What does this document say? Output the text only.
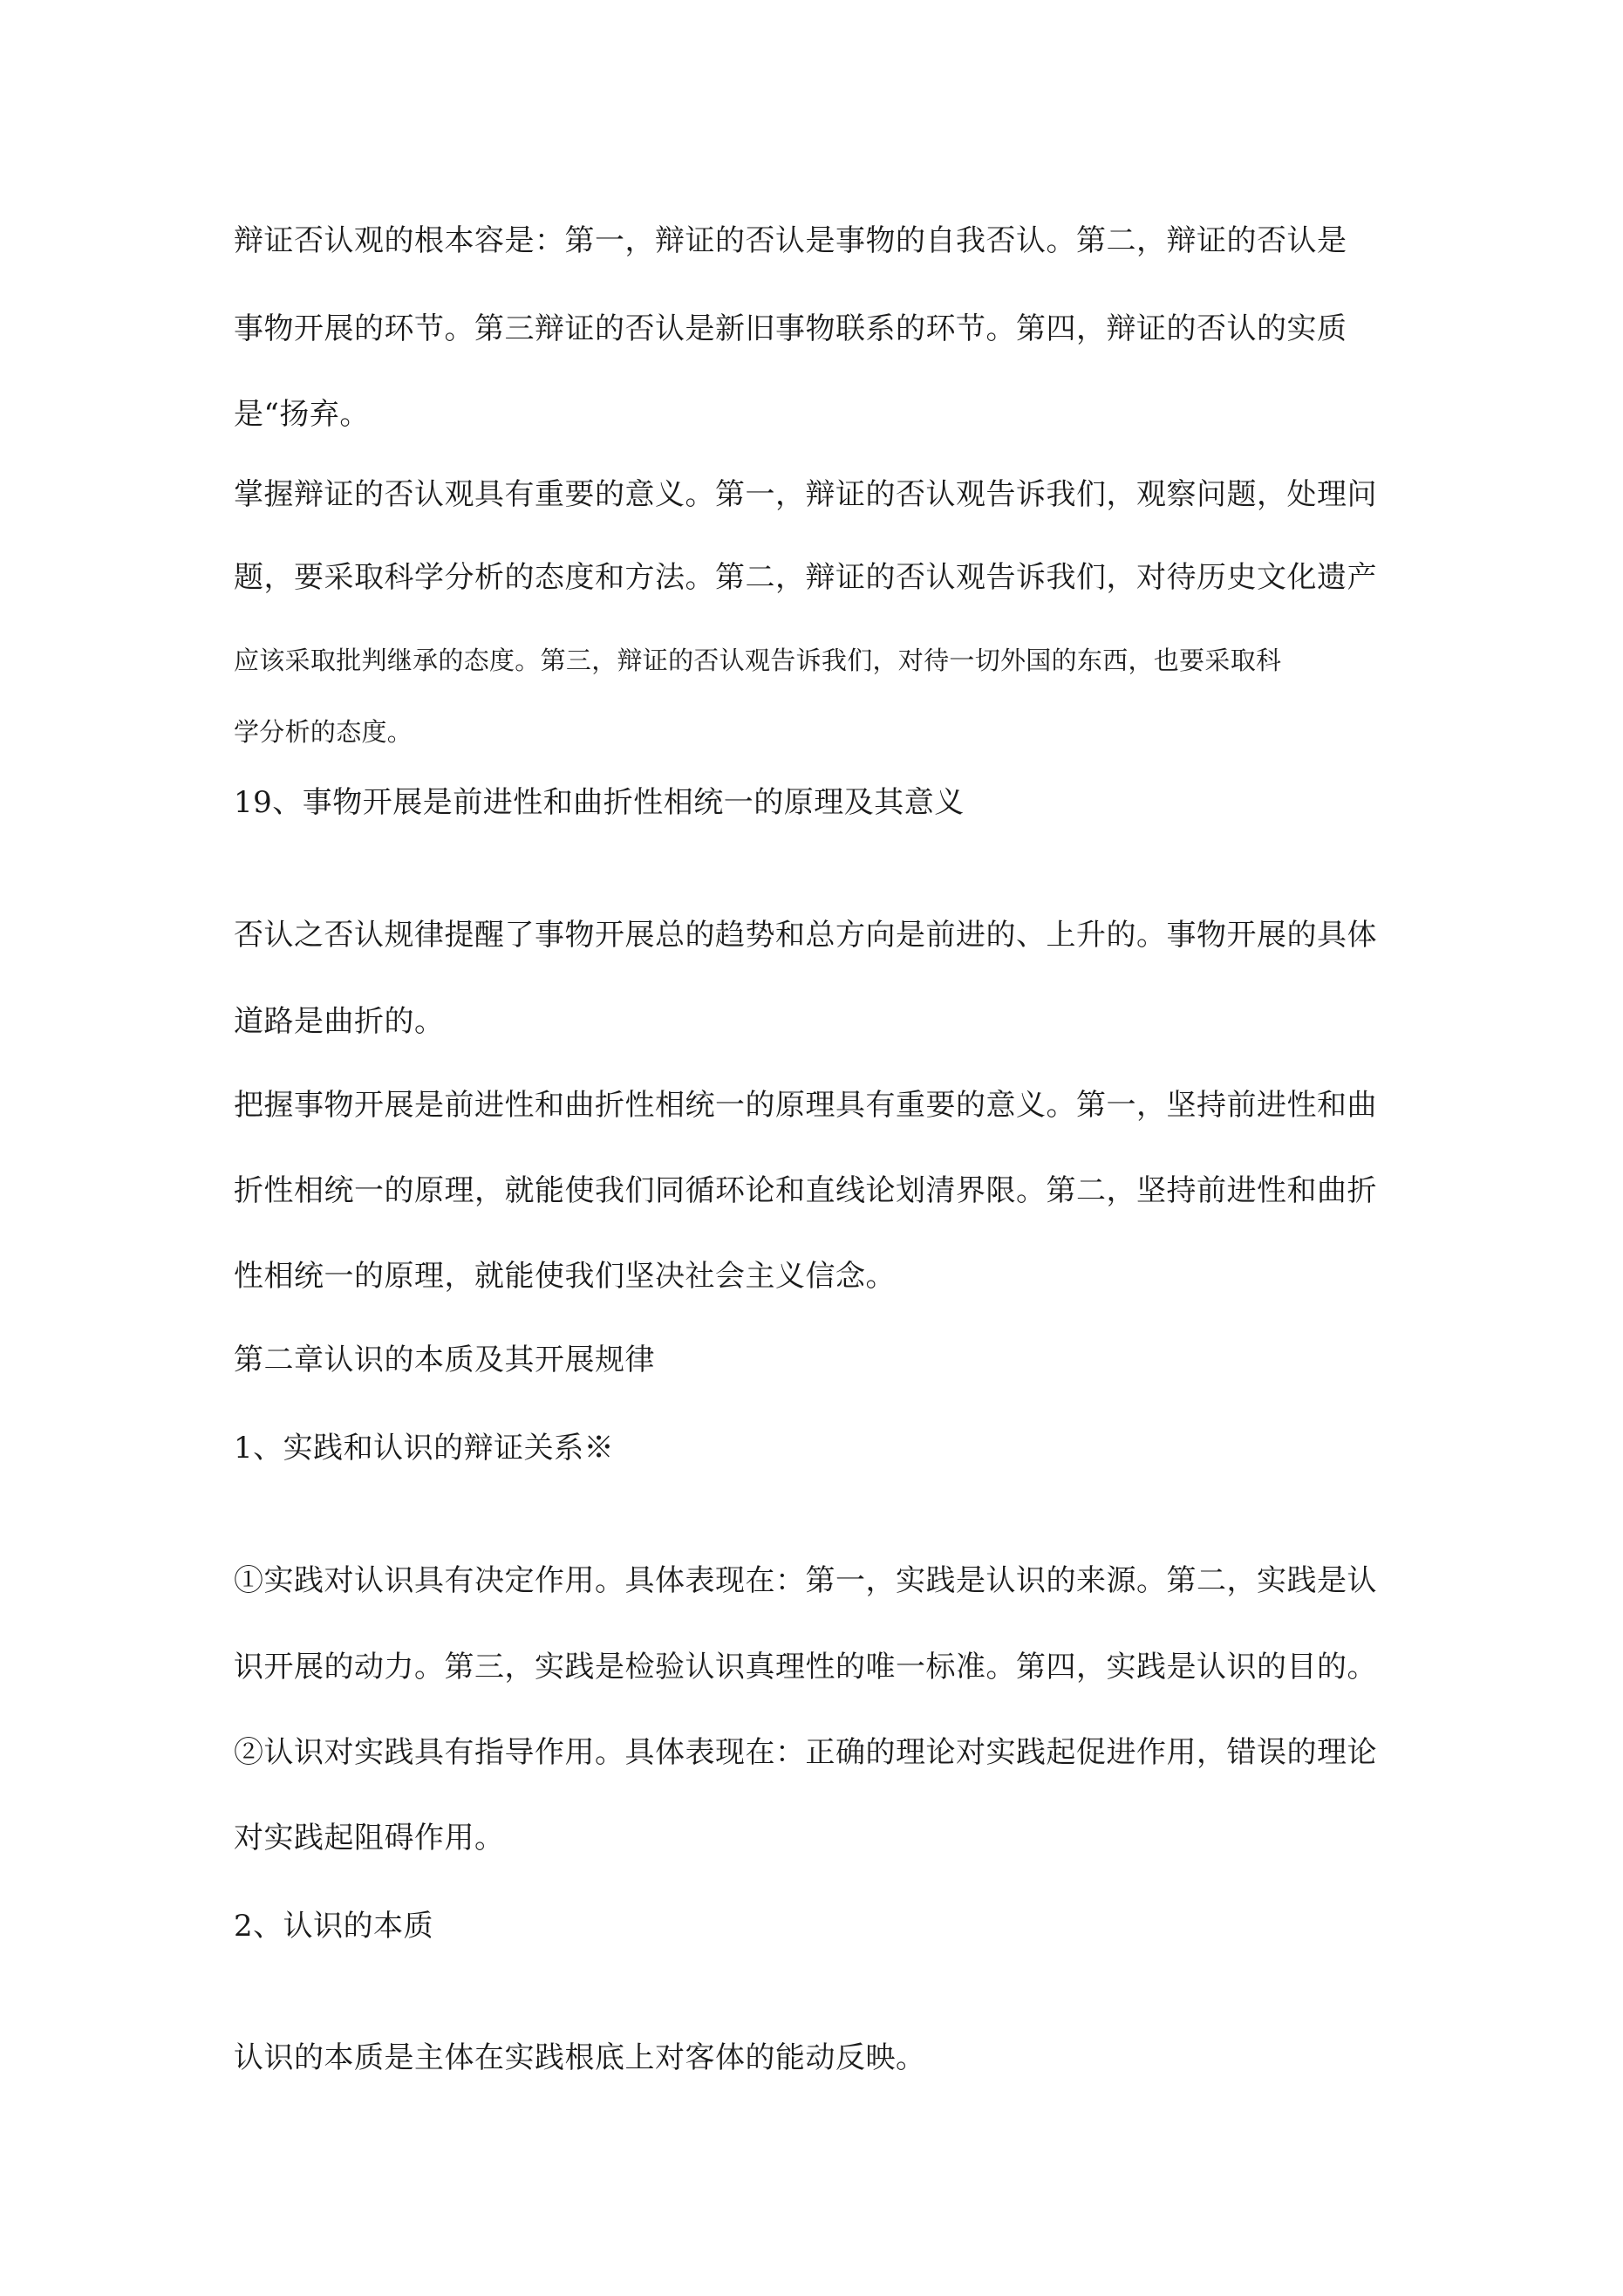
辩证否认观的根本容是：第一，辩证的否认是事物的自我否认。第二，辩证的否认是
事物开展的环节。第三辩证的否认是新旧事物联系的环节。第四，辩证的否认的实质
是“扬弃。
掌握辩证的否认观具有重要的意义。第一，辩证的否认观告诉我们，观察问题，处理问
题，要采取科学分析的态度和方法。第二，辩证的否认观告诉我们，对待历史文化遗产
应该采取批判继承的态度。第三，辩证的否认观告诉我们，对待一切外国的东西，也要采取科
学分析的态度。
19、事物开展是前进性和曲折性相统一的原理及其意义
否认之否认规律提醒了事物开展总的趋势和总方向是前进的、上升的。事物开展的具体
道路是曲折的。
把握事物开展是前进性和曲折性相统一的原理具有重要的意义。第一，坚持前进性和曲
折性相统一的原理，就能使我们同循环论和直线论划清界限。第二，坚持前进性和曲折
性相统一的原理，就能使我们坚决社会主义信念。
第二章认识的本质及其开展规律
1、实践和认识的辩证关系※
①实践对认识具有决定作用。具体表现在：第一，实践是认识的来源。第二，实践是认
识开展的动力。第三，实践是检验认识真理性的唯一标准。第四，实践是认识的目的。
②认识对实践具有指导作用。具体表现在：正确的理论对实践起促进作用，错误的理论
对实践起阻碍作用。
2、认识的本质
认识的本质是主体在实践根底上对客体的能动反映。
